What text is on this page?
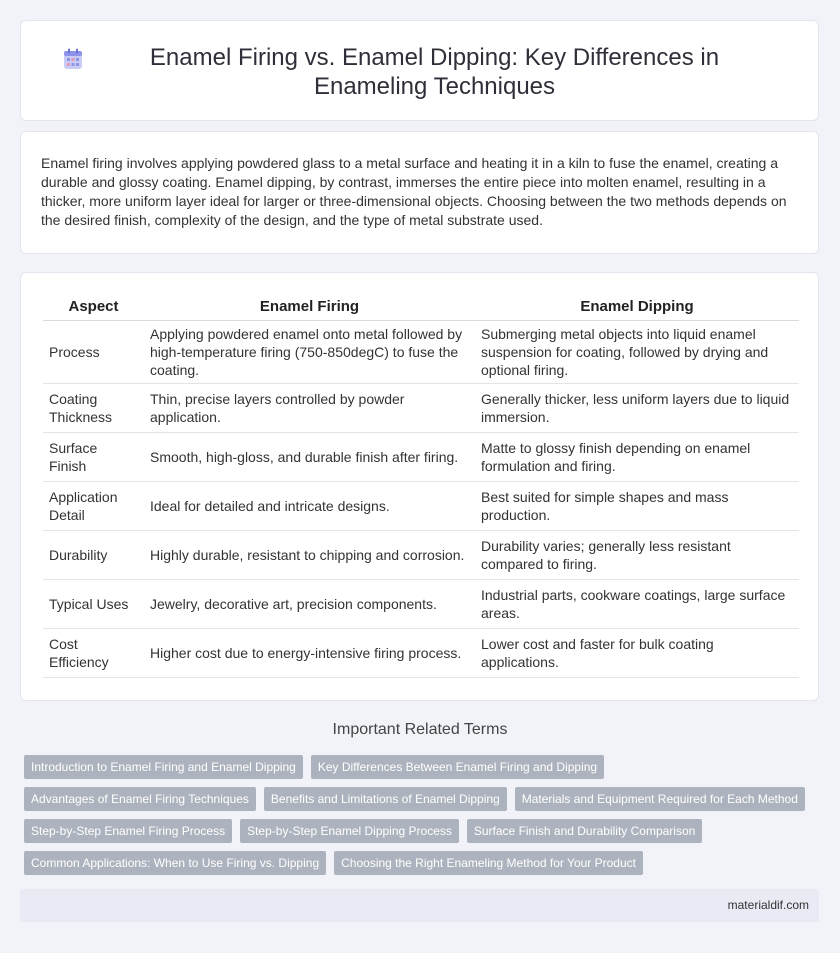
Enamel Firing vs. Enamel Dipping: Key Differences in Enameling Techniques

Enamel firing involves applying powdered glass to a metal surface and heating it in a kiln to fuse the enamel, creating a durable and glossy coating. Enamel dipping, by contrast, immerses the entire piece into molten enamel, resulting in a thicker, more uniform layer ideal for larger or three-dimensional objects. Choosing between the two methods depends on the desired finish, complexity of the design, and the type of metal substrate used.

Aspect	Enamel Firing	Enamel Dipping
Process	Applying powdered enamel onto metal followed by high-temperature firing (750-850degC) to fuse the coating.	Submerging metal objects into liquid enamel suspension for coating, followed by drying and optional firing.
Coating Thickness	Thin, precise layers controlled by powder application.	Generally thicker, less uniform layers due to liquid immersion.
Surface Finish	Smooth, high-gloss, and durable finish after firing.	Matte to glossy finish depending on enamel formulation and firing.
Application Detail	Ideal for detailed and intricate designs.	Best suited for simple shapes and mass production.
Durability	Highly durable, resistant to chipping and corrosion.	Durability varies; generally less resistant compared to firing.
Typical Uses	Jewelry, decorative art, precision components.	Industrial parts, cookware coatings, large surface areas.
Cost Efficiency	Higher cost due to energy-intensive firing process.	Lower cost and faster for bulk coating applications.
Important Related Terms
Introduction to Enamel Firing and Enamel Dipping	Key Differences Between Enamel Firing and Dipping
Advantages of Enamel Firing Techniques	Benefits and Limitations of Enamel Dipping	Materials and Equipment Required for Each Method
Step-by-Step Enamel Firing Process	Step-by-Step Enamel Dipping Process	Surface Finish and Durability Comparison
Common Applications: When to Use Firing vs. Dipping	Choosing the Right Enameling Method for Your Product
materialdif.com
